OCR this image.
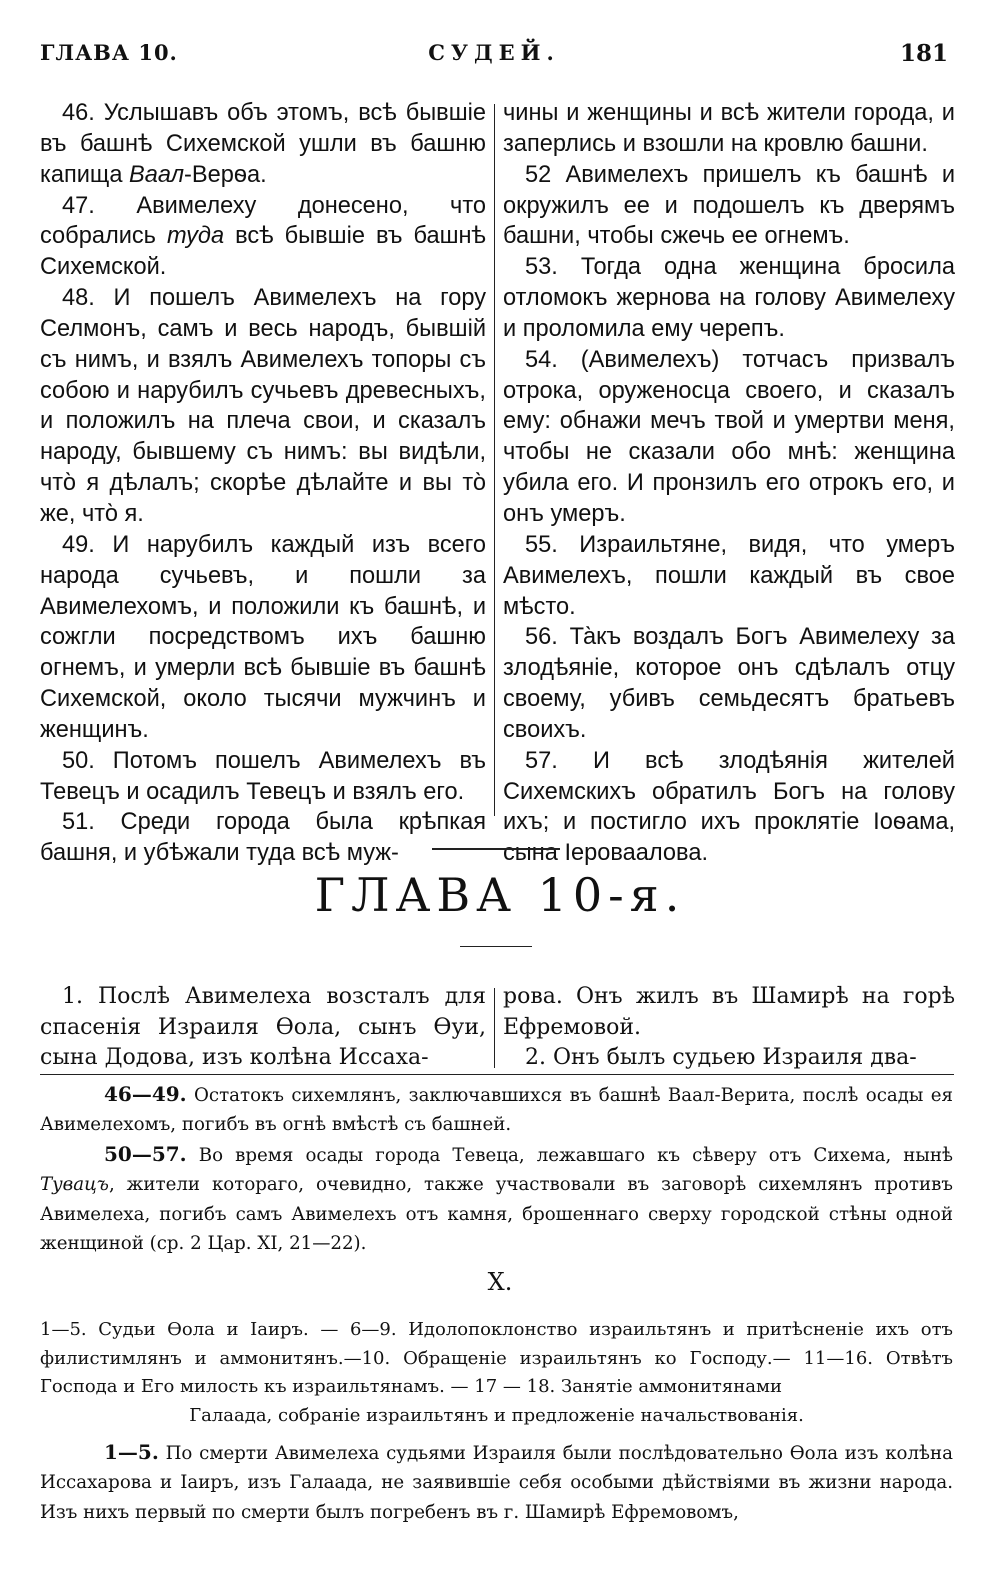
ГЛАВА 10.	СУДЕЙ.	181

46. Услышавъ объ этомъ, всѣ бывшіе въ башнѣ Сихемской ушли въ башню капища Ваал-Верѳа.

47. Авимелеху донесено, что собрались туда всѣ бывшіе въ башнѣ Сихемской.

48. И пошелъ Авимелехъ на гору Селмонъ, самъ и весь народъ, бывшій съ нимъ, и взялъ Авимелехъ топоры съ собою и нарубилъ сучьевъ древесныхъ, и положилъ на плеча свои, и сказалъ народу, бывшему съ нимъ: вы видѣли, что̀ я дѣлалъ; скорѣе дѣлайте и вы то̀ же, что̀ я.

49. И нарубилъ каждый изъ всего народа сучьевъ, и пошли за Авимелехомъ, и положили къ башнѣ, и сожгли посредствомъ ихъ башню огнемъ, и умерли всѣ бывшіе въ башнѣ Сихемской, около тысячи мужчинъ и женщинъ.

50. Потомъ пошелъ Авимелехъ въ Тевецъ и осадилъ Тевецъ и взялъ его.

51. Среди города была крѣпкая башня, и убѣжали туда всѣ муж-

чины и женщины и всѣ жители города, и заперлись и взошли на кровлю башни.

52 Авимелехъ пришелъ къ башнѣ и окружилъ ее и подошелъ къ дверямъ башни, чтобы сжечь ее огнемъ.

53. Тогда одна женщина бросила отломокъ жернова на голову Авимелеху и проломила ему черепъ.

54. (Авимелехъ) тотчасъ призвалъ отрока, оруженосца своего, и сказалъ ему: обнажи мечъ твой и умертви меня, чтобы не сказали обо мнѣ: женщина убила его. И пронзилъ его отрокъ его, и онъ умеръ.

55. Израильтяне, видя, что умеръ Авимелехъ, пошли каждый въ свое мѣсто.

56. Та̀къ воздалъ Богъ Авимелеху за злодѣяніе, которое онъ сдѣлалъ отцу своему, убивъ семьдесятъ братьевъ своихъ.

57. И всѣ злодѣянія жителей Сихемскихъ обратилъ Богъ на голову ихъ; и постигло ихъ проклятіе Іоѳама, сына Іероваалова.

ГЛАВА 10-я.

1. Послѣ Авимелеха возсталъ для спасенія Израиля Ѳола, сынъ Ѳуи, сына Додова, изъ колѣна Иссаха-

рова. Онъ жилъ въ Шамирѣ на горѣ Ефремовой.

2. Онъ былъ судьею Израиля два-

46—49. Остатокъ сихемлянъ, заключавшихся въ башнѣ Ваал-Верита, послѣ осады ея Авимелехомъ, погибъ въ огнѣ вмѣстѣ съ башней.

50—57. Во время осады города Тевеца, лежавшаго къ сѣверу отъ Сихема, нынѣ Тувацъ, жители котораго, очевидно, также участвовали въ заговорѣ сихемлянъ противъ Авимелеха, погибъ самъ Авимелехъ отъ камня, брошеннаго сверху городской стѣны одной женщиной (ср. 2 Цар. XI, 21—22).

X.

1—5. Судьи Ѳола и Іаиръ. — 6—9. Идолопоклонство израильтянъ и притѣсненіе ихъ отъ филистимлянъ и аммонитянъ.—10. Обращеніе израильтянъ ко Господу.— 11—16. Отвѣтъ Господа и Его милость къ израильтянамъ. — 17 — 18. Занятіе аммонитянами

Галаада, собраніе израильтянъ и предложеніе начальствованія.

1—5. По смерти Авимелеха судьями Израиля были послѣдовательно Ѳола изъ колѣна Иссахарова и Іаиръ, изъ Галаада, не заявившіе себя особыми дѣйствіями въ жизни народа. Изъ нихъ первый по смерти былъ погребенъ въ г. Шамирѣ Ефремовомъ,
